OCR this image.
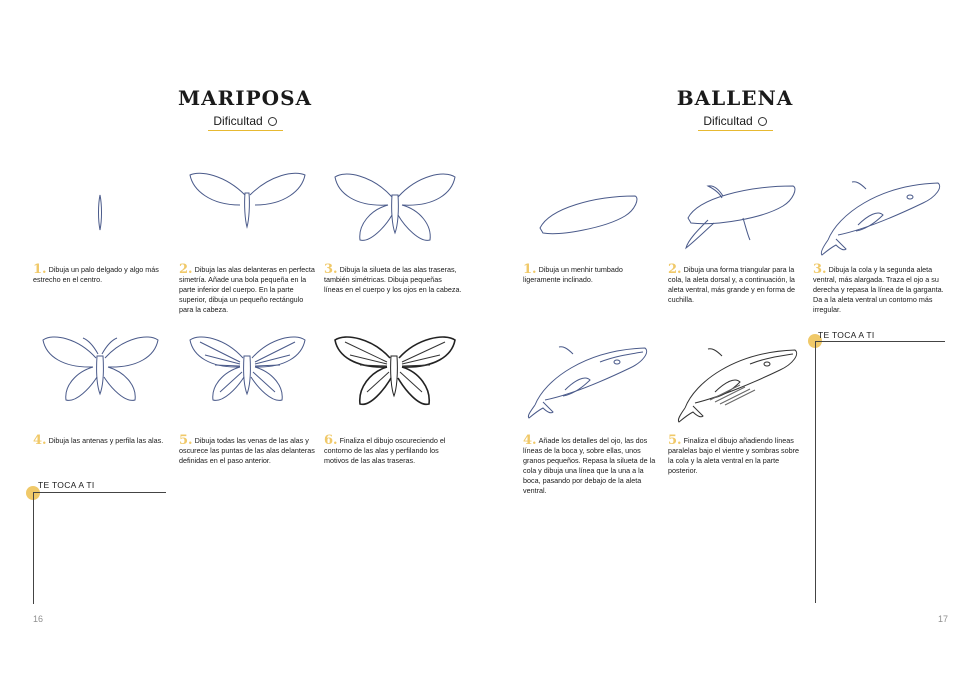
MARIPOSA
Dificultad
1. Dibuja un palo delgado y algo más estrecho en el centro.
2. Dibuja las alas delanteras en perfecta simetría. Añade una bola pequeña en la parte inferior del cuerpo. En la parte superior, dibuja un pequeño rectángulo para la cabeza.
3. Dibuja la silueta de las alas traseras, también simétricas. Dibuja pequeñas líneas en el cuerpo y los ojos en la cabeza.
4. Dibuja las antenas y perfila las alas.	5. Dibuja todas las venas de las alas y oscurece las puntas de las alas delanteras definidas en el paso anterior.
6. Finaliza el dibujo oscureciendo el contorno de las alas y perfilando los motivos de las alas traseras.
TE TOCA A TI
16
BALLENA
Dificultad
1. Dibuja un menhir tumbado ligeramente inclinado.
2. Dibuja una forma triangular para la cola, la aleta dorsal y, a continuación, la aleta ventral, más grande y en forma de cuchilla.
3. Dibuja la cola y la segunda aleta ventral, más alargada. Traza el ojo a su derecha y repasa la línea de la garganta. Da a la aleta ventral un contorno más irregular.
TE TOCA A TI
4. Añade los detalles del ojo, las dos líneas de la boca y, sobre ellas, unos granos pequeños. Repasa la silueta de la cola y dibuja una línea que la una a la boca, pasando por debajo de la aleta ventral.
5. Finaliza el dibujo añadiendo líneas paralelas bajo el vientre y sombras sobre la cola y la aleta ventral en la parte posterior.
17
